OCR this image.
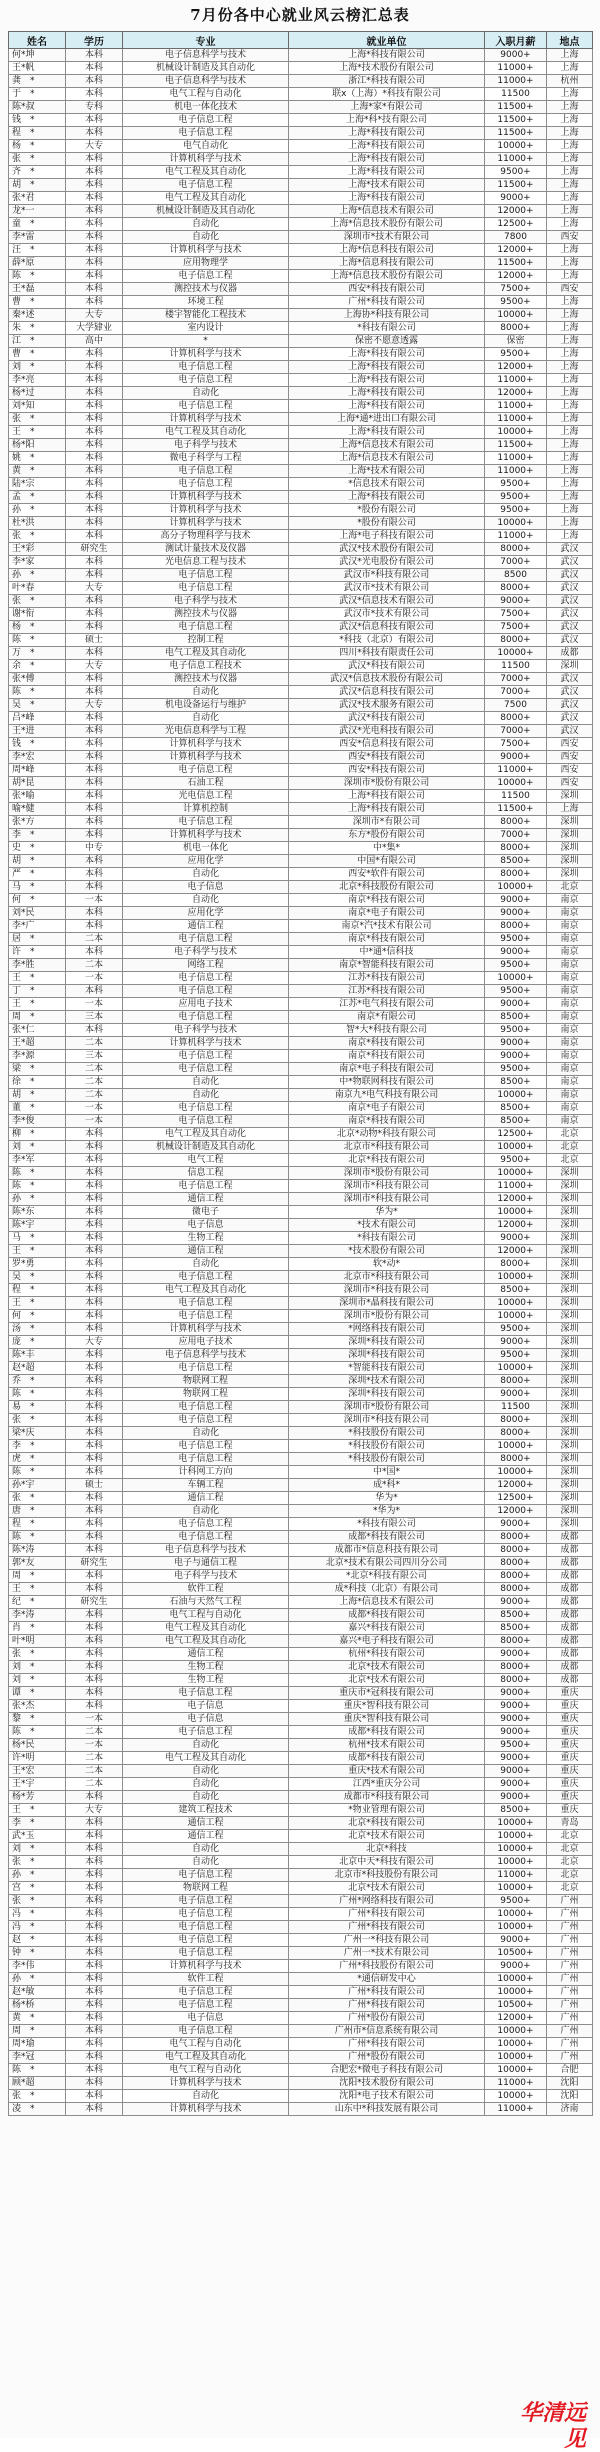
7月份各中心就业风云榜汇总表
姓名	学历	专业	就业单位	入职月薪	地点
何*坤	本科	电子信息科学与技术	上海*科技有限公司	9000+	上海
王*帆	本科	机械设计制造及其自动化	上海*技术股份有限公司	11000+	上海
龚　*	本科	电子信息科学与技术	浙江*科技有限公司	11000+	杭州
于　*	本科	电气工程与自动化	联x（上海）*科技有限公司	11500	上海
陈*叔	专科	机电一体化技术	上海*家*有限公司	11500+	上海
钱　*	本科	电子信息工程	上海*科*技有限公司	11500+	上海
程　*	本科	电子信息工程	上海*科技有限公司	11500+	上海
杨　*	大专	电气自动化	上海*科技有限公司	10000+	上海
张　*	本科	计算机科学与技术	上海*科技有限公司	11000+	上海
齐　*	本科	电气工程及其自动化	上海*科技有限公司	9500+	上海
胡　*	本科	电子信息工程	上海*技术有限公司	11500+	上海
张*君	本科	电气工程及其自动化	上海*科技有限公司	9000+	上海
龙*一	本科	机械设计制造及其自动化	上海*信息技术有限公司	12000+	上海
童　*	本科	自动化	上海*信息技术股份有限公司	12500+	上海
李*雷	本科	自动化	深圳市*技术有限公司	7800	西安
汪　*	本科	计算机科学与技术	上海*信息科技有限公司	12000+	上海
薛*原	本科	应用物理学	上海*信息科技有限公司	11500+	上海
陈　*	本科	电子信息工程	上海*信息技术股份有限公司	12000+	上海
王*磊	本科	测控技术与仪器	西安*科技有限公司	7500+	西安
曹　*	本科	环境工程	广州*科技有限公司	9500+	上海
秦*述	大专	楼宇智能化工程技术	上海协*科技有限公司	10000+	上海
朱　*	大学肄业	室内设计	*科技有限公司	8000+	上海
江　*	高中	*	保密不愿意透露	保密	上海
曹　*	本科	计算机科学与技术	上海*科技有限公司	9500+	上海
刘　*	本科	电子信息工程	上海*科技有限公司	12000+	上海
李*亮	本科	电子信息工程	上海*科技有限公司	11000+	上海
杨*过	本科	自动化	上海*科技有限公司	12000+	上海
刘*知	本科	电子信息工程	上海*科技有限公司	11000+	上海
张　*	本科	计算机科学与技术	上海*通*进出口有限公司	11000+	上海
王　*	本科	电气工程及其自动化	上海*科技有限公司	10000+	上海
杨*阳	本科	电子科学与技术	上海*信息技术有限公司	11500+	上海
姚　*	本科	微电子科学与工程	上海*信息技术有限公司	11000+	上海
黄　*	本科	电子信息工程	上海*技术有限公司	11000+	上海
陆*宗	本科	电子信息工程	*信息技术有限公司	9500+	上海
孟　*	本科	计算机科学与技术	上海*科技有限公司	9500+	上海
孙　*	本科	计算机科学与技术	*股份有限公司	9500+	上海
杜*洪	本科	计算机科学与技术	*股份有限公司	10000+	上海
张　*	本科	高分子物理科学与技术	上海*电子科技有限公司	11000+	上海
王*彩	研究生	测试计量技术及仪器	武汉*技术股份有限公司	8000+	武汉
李*家	本科	光电信息工程与技术	武汉*光电股份有限公司	7000+	武汉
孙　*	本科	电子信息工程	武汉市*科技有限公司	8500	武汉
叶*春	大专	电子信息工程	武汉市*技术有限公司	8000+	武汉
张　*	本科	电子科学与技术	武汉*信息技术有限公司	9000+	武汉
谢*衔	本科	测控技术与仪器	武汉市*技术有限公司	7500+	武汉
杨　*	本科	电子信息工程	武汉*信息科技有限公司	7500+	武汉
陈　*	硕士	控制工程	*科技（北京）有限公司	8000+	武汉
万　*	本科	电气工程及其自动化	四川*科技有限责任公司	10000+	成都
余　*	大专	电子信息工程技术	武汉*科技有限公司	11500	深圳
张*傅	本科	测控技术与仪器	武汉*信息技术股份有限公司	7000+	武汉
陈　*	本科	自动化	武汉*信息科技有限公司	7000+	武汉
吴　*	大专	机电设备运行与维护	武汉*技术服务有限公司	7500	武汉
吕*峰	本科	自动化	武汉*科技有限公司	8000+	武汉
王*进	本科	光电信息科学与工程	武汉*光电科技有限公司	7000+	武汉
钱　*	本科	计算机科学与技术	西安*信息科技有限公司	7500+	西安
李*宏	本科	计算机科学与技术	西安*科技有限公司	9000+	西安
周*峰	本科	电子信息工程	西安*科技有限公司	11000+	西安
胡*昆	本科	石油工程	深圳市*股份有限公司	10000+	西安
张*喻	本科	光电信息工程	上海*科技有限公司	11500	深圳
喻*健	本科	计算机控制	上海*科技有限公司	11500+	上海
张*方	本科	电子信息工程	深圳市*有限公司	8000+	深圳
李　*	本科	计算机科学与技术	东方*股份有限公司	7000+	深圳
史　*	中专	机电一体化	中*集*	8000+	深圳
胡　*	本科	应用化学	中国*有限公司	8500+	深圳
严　*	本科	自动化	西安*软件有限公司	8000+	深圳
马　*	本科	电子信息	北京*科技股份有限公司	10000+	北京
何　*	一本	自动化	南京*科技有限公司	9000+	南京
刘*民	本科	应用化学	南京*电子有限公司	9000+	南京
李*广	本科	通信工程	南京*汽*技术有限公司	8000+	南京
居　*	二本	电子信息工程	南京*科技有限公司	9500+	南京
许　*	本科	电子科学与技术	中*通*信科技	9000+	南京
李*胜	二本	网络工程	南京*智能科技有限公司	9500+	南京
王　*	一本	电子信息工程	江苏*科技有限公司	10000+	南京
丁　*	本科	电子信息工程	江苏*科技有限公司	9500+	南京
王　*	一本	应用电子技术	江苏*电气科技有限公司	9000+	南京
周　*	三本	电子信息工程	南京*有限公司	8500+	南京
张*仁	本科	电子科学与技术	智*大*科技有限公司	9500+	南京
王*超	二本	计算机科学与技术	南京*科技有限公司	9000+	南京
李*源	三本	电子信息工程	南京*科技有限公司	9000+	南京
梁　*	二本	电子信息工程	南京*电子科技有限公司	9500+	南京
徐　*	二本	自动化	中*物联网科技有限公司	8500+	南京
胡　*	二本	自动化	南京九*电气科技有限公司	10000+	南京
董　*	一本	电子信息工程	南京*电子有限公司	8500+	南京
李*俊	一本	电子信息工程	南京*科技有限公司	8500+	南京
柳　*	本科	电气工程及其自动化	北京*动物*科技有限公司	12500+	北京
刘　*	本科	机械设计制造及其自动化	北京市*科技有限公司	10000+	北京
李*军	本科	电气工程	北京*科技有限公司	9500+	北京
陈　*	本科	信息工程	深圳市*股份有限公司	10000+	深圳
陈　*	本科	电子信息工程	深圳市*科技有限公司	11000+	深圳
孙　*	本科	通信工程	深圳市*科技有限公司	12000+	深圳
陈*东	本科	微电子	华为*	10000+	深圳
陈*宇	本科	电子信息	*技术有限公司	12000+	深圳
马　*	本科	生物工程	*科技有限公司	9000+	深圳
王　*	本科	通信工程	*技术股份有限公司	12000+	深圳
罗*勇	本科	自动化	软*动*	8000+	深圳
吴　*	本科	电子信息工程	北京市*科技有限公司	10000+	深圳
程　*	本科	电气工程及其自动化	深圳市*科技有限公司	8500+	深圳
王　*	本科	电子信息工程	深圳市*晶科技有限公司	10000+	深圳
何　*	本科	电子信息工程	深圳市*股份有限公司	10000+	深圳
汤　*	本科	计算机科学与技术	*网络科技有限公司	9500+	深圳
庞　*	大专	应用电子技术	深圳*科技有限公司	9000+	深圳
陈*丰	本科	电子信息科学与技术	深圳*科技有限公司	9500+	深圳
赵*超	本科	电子信息工程	*智能科技有限公司	10000+	深圳
乔　*	本科	物联网工程	深圳*技术有限公司	8000+	深圳
陈　*	本科	物联网工程	深圳*科技有限公司	9000+	深圳
易　*	本科	电子信息工程	深圳市*股份有限公司	11500	深圳
张　*	本科	电子信息工程	深圳市*科技有限公司	8000+	深圳
梁*庆	本科	自动化	*科技股份有限公司	8000+	深圳
李　*	本科	电子信息工程	*科技股份有限公司	10000+	深圳
虎　*	本科	电子信息工程	*科技股份有限公司	8000+	深圳
陈　*	本科	计科网工方向	中*国*	10000+	深圳
孙*宇	硕士	车辆工程	成*科*	12000+	深圳
张　*	本科	通信工程	华为*	12500+	深圳
唐　*	本科	自动化	*华为*	12000+	深圳
程　*	本科	电子信息工程	*科技有限公司	9000+	深圳
陈　*	本科	电子信息工程	成都*科技有限公司	8000+	成都
陈*涛	本科	电子信息科学与技术	成都市*信息科技有限公司	8000+	成都
郭*友	研究生	电子与通信工程	北京*技术有限公司四川分公司	8000+	成都
周　*	本科	电子科学与技术	*北京*科技有限公司	8000+	成都
王　*	本科	软件工程	成*科技（北京）有限公司	8000+	成都
纪　*	研究生	石油与天然气工程	上海*信息技术有限公司	9000+	成都
李*涛	本科	电气工程与自动化	成都*科技有限公司	8500+	成都
肖　*	本科	电气工程及其自动化	嘉兴*科技有限公司	8500+	成都
叶*明	本科	电气工程及其自动化	嘉兴*电子科技有限公司	8000+	成都
张　*	本科	通信工程	杭州*科技有限公司	9000+	成都
刘　*	本科	生物工程	北京*技术有限公司	8000+	成都
刘　*	本科	生物工程	北京*技术有限公司	8000+	成都
谭　*	本科	电子信息工程	重庆市*冠科技有限公司	9000+	重庆
张*杰	本科	电子信息	重庆*智科技有限公司	9000+	重庆
黎　*	一本	电子信息	重庆*智科技有限公司	9000+	重庆
陈　*	二本	电子信息工程	成都*科技有限公司	9000+	重庆
杨*民	一本	自动化	杭州*技术有限公司	9500+	重庆
许*明	二本	电气工程及其自动化	成都*科技有限公司	9000+	重庆
王*宏	二本	自动化	重庆*技术有限公司	9000+	重庆
王*宇	二本	自动化	江西*重庆分公司	9000+	重庆
杨*芳	本科	自动化	成都市*科技有限公司	9000+	重庆
王　*	大专	建筑工程技术	*物业管理有限公司	8500+	重庆
李　*	本科	通信工程	北京*科技有限公司	10000+	青岛
武*玉	本科	通信工程	北京*技术有限公司	10000+	北京
刘　*	本科	自动化	北京*科技	10000+	北京
张　*	本科	自动化	北京中天*科技有限公司	10000+	北京
孙　*	本科	电子信息工程	北京市*科技股份有限公司	11000+	北京
宫　*	本科	物联网工程	北京*技术有限公司	10000+	北京
张　*	本科	电子信息工程	广州*网络科技有限公司	9500+	广州
冯　*	本科	电子信息工程	广州*科技有限公司	10000+	广州
冯　*	本科	电子信息工程	广州*科技有限公司	10000+	广州
赵　*	本科	电子信息工程	广州一*科技有限公司	9000+	广州
钟　*	本科	电子信息工程	广州一*技术有限公司	10500+	广州
李*伟	本科	计算机科学与技术	广州*科技股份有限公司	9000+	广州
孙　*	本科	软件工程	*通信研发中心	10000+	广州
赵*敏	本科	电子信息工程	广州*科技有限公司	10000+	广州
杨*桥	本科	电子信息工程	广州*科技有限公司	10500+	广州
黄　*	本科	电子信息	广州*股份有限公司	12000+	广州
周　*	本科	电子信息工程	广州市*信息系统有限公司	10000+	广州
周*瑜	本科	电气工程与自动化	广州*科技有限公司	10000+	广州
李*冠	本科	电气工程及其自动化	广州*股份有限公司	10000+	广州
陈　*	本科	电气工程与自动化	合肥宏*微电子科技有限公司	10000+	合肥
顾*超	本科	计算机科学与技术	沈阳*技术股份有限公司	11000+	沈阳
张　*	本科	自动化	沈阳*电子技术有限公司	10000+	沈阳
凌　*	本科	计算机科学与技术	山东中*科技发展有限公司	11000+	济南
华清远见
